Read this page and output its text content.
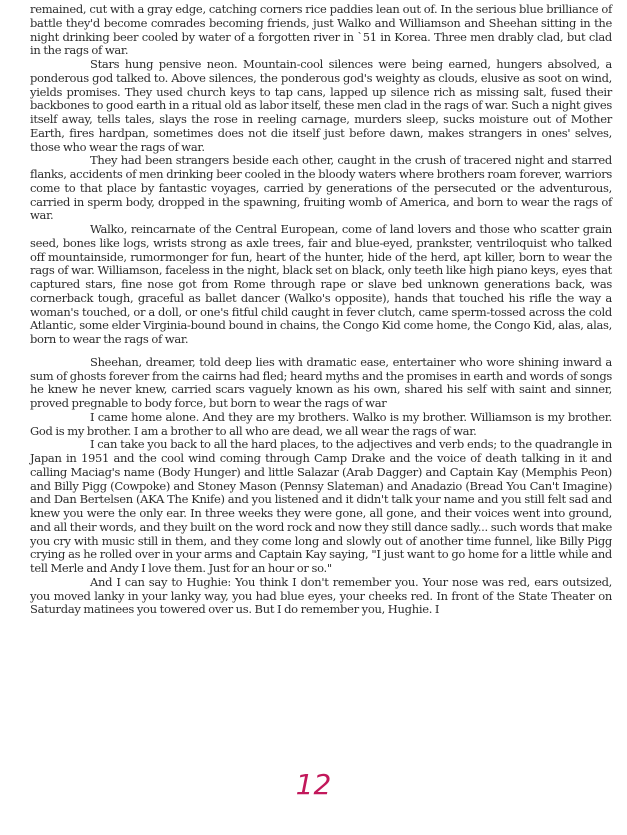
remained, cut with a gray edge, catching corners rice paddies lean out of. In the serious blue brilliance of battle they'd become comrades becoming friends, just Walko and Williamson and Sheehan sitting in the night drinking beer cooled by water of a forgotten river in `51 in Korea. Three men drably clad, but clad in the rags of war.

Stars hung pensive neon. Mountain-cool silences were being earned, hungers absolved, a ponderous god talked to. Above silences, the ponderous god's weighty as clouds, elusive as soot on wind, yields promises. They used church keys to tap cans, lapped up silence rich as missing salt, fused their backbones to good earth in a ritual old as labor itself, these men clad in the rags of war. Such a night gives itself away, tells tales, slays the rose in reeling carnage, murders sleep, sucks moisture out of Mother Earth, fires hardpan, sometimes does not die itself just before dawn, makes strangers in ones' selves, those who wear the rags of war.

They had been strangers beside each other, caught in the crush of tracered night and starred flanks, accidents of men drinking beer cooled in the bloody waters where brothers roam forever, warriors come to that place by fantastic voyages, carried by generations of the persecuted or the adventurous, carried in sperm body, dropped in the spawning, fruiting womb of America, and born to wear the rags of war.

Walko, reincarnate of the Central European, come of land lovers and those who scatter grain seed, bones like logs, wrists strong as axle trees, fair and blue-eyed, prankster, ventriloquist who talked off mountainside, rumormonger for fun, heart of the hunter, hide of the herd, apt killer, born to wear the rags of war. Williamson, faceless in the night, black set on black, only teeth like high piano keys, eyes that captured stars, fine nose got from Rome through rape or slave bed unknown generations back, was cornerback tough, graceful as ballet dancer (Walko's opposite), hands that touched his rifle the way a woman's touched, or a doll, or one's fitful child caught in fever clutch, came sperm-tossed across the cold Atlantic, some elder Virginia-bound bound in chains, the Congo Kid come home, the Congo Kid, alas, alas, born to wear the rags of war.

Sheehan, dreamer, told deep lies with dramatic ease, entertainer who wore shining inward a sum of ghosts forever from the cairns had fled; heard myths and the promises in earth and words of songs he knew he never knew, carried scars vaguely known as his own, shared his self with saint and sinner, proved pregnable to body force, but born to wear the rags of war

I came home alone. And they are my brothers. Walko is my brother. Williamson is my brother. God is my brother. I am a brother to all who are dead, we all wear the rags of war.

I can take you back to all the hard places, to the adjectives and verb ends; to the quadrangle in Japan in 1951 and the cool wind coming through Camp Drake and the voice of death talking in it and calling Maciag's name (Body Hunger) and little Salazar (Arab Dagger) and Captain Kay (Memphis Peon) and Billy Pigg (Cowpoke) and Stoney Mason (Pennsy Slateman) and Anadazio (Bread You Can't Imagine) and Dan Bertelsen (AKA The Knife) and you listened and it didn't talk your name and you still felt sad and knew you were the only ear. In three weeks they were gone, all gone, and their voices went into ground, and all their words, and they built on the word rock and now they still dance sadly... such words that make you cry with music still in them, and they come long and slowly out of another time funnel, like Billy Pigg crying as he rolled over in your arms and Captain Kay saying, "I just want to go home for a little while and tell Merle and Andy I love them. Just for an hour or so."

And I can say to Hughie: You think I don't remember you. Your nose was red, ears outsized, you moved lanky in your lanky way, you had blue eyes, your cheeks red. In front of the State Theater on Saturday matinees you towered over us. But I do remember you, Hughie. I

12
